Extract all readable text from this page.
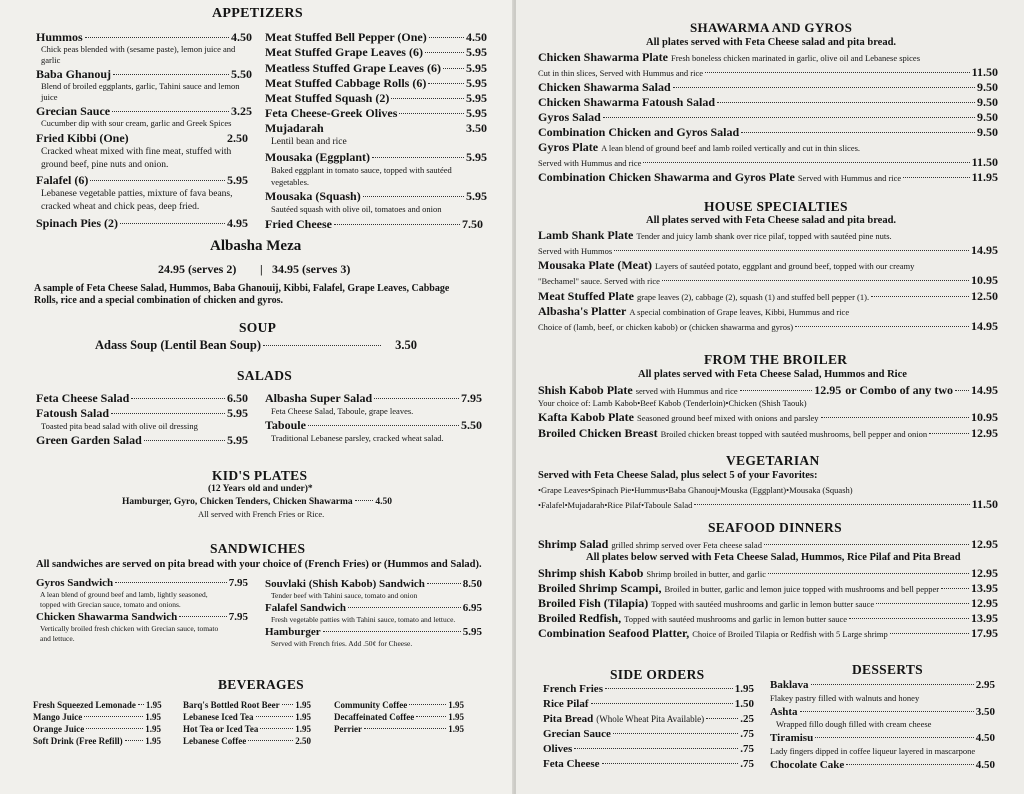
APPETIZERS
Hummos	4.50
Chick peas blended with (sesame paste), lemon juice and
garlic
Baba Ghanouj	5.50
Blend of broiled eggplants, garlic, Tahini sauce and lemon
juice
Grecian Sauce	3.25
Cucumber dip with sour cream, garlic and Greek Spices
Fried Kibbi (One)	2.50
Cracked wheat mixed with fine meat, stuffed with
ground beef, pine nuts and onion.
Falafel (6)	5.95
Lebanese vegetable patties, mixture of fava beans,
cracked wheat and chick peas, deep fried.
Spinach Pies (2)	4.95
Meat Stuffed Bell Pepper (One)	4.50
Meat Stuffed Grape Leaves (6)	5.95
Meatless Stuffed Grape Leaves (6) 5.95
Meat Stuffed Cabbage Rolls (6)	5.95
Meat Stuffed Squash (2)	5.95
Feta Cheese-Greek Olives	5.95
Mujadarah	3.50
Lentil bean and rice
Mousaka (Eggplant)	5.95
Baked eggplant in tomato sauce, topped with sautéed
vegetables.
Mousaka (Squash)	5.95
Sautéed squash with olive oil, tomatoes and onion
Fried Cheese	7.50
Albasha Meza
24.95 (serves 2) | 34.95 (serves 3)
A sample of Feta Cheese Salad, Hummos, Baba Ghanouij, Kibbi, Falafel, Grape Leaves, Cabbage
Rolls, rice and a special combination of chicken and gyros.
SOUP
Adass Soup (Lentil Bean Soup)	3.50
SALADS
Feta Cheese Salad	6.50
Fatoush Salad	5.95
Toasted pita bead salad with olive oil dressing
Green Garden Salad	5.95
Albasha Super Salad	7.95
Feta Cheese Salad, Taboule, grape leaves.
Taboule	5.50
Traditional Lebanese parsley, cracked wheat salad.
KID'S PLATES
(12 Years old and under)*
Hamburger, Gyro, Chicken Tenders, Chicken Shawarma 4.50
All served with French Fries or Rice.
SANDWICHES
All sandwiches are served on pita bread with your choice of (French Fries) or (Hummos and Salad).
Gyros Sandwich	7.95
A lean blend of ground beef and lamb, lightly seasoned,
topped with Grecian sauce, tomato and onions.
Chicken Shawarma Sandwich	7.95
Vertically broiled fresh chicken with Grecian sauce, tomato
and lettuce.
Souvlaki (Shish Kabob) Sandwich	8.50
Tender beef with Tahini sauce, tomato and onion
Falafel Sandwich	6.95
Fresh vegetable patties with Tahini sauce, tomato and lettuce.
Hamburger	5.95
Served with French fries. Add .50¢ for Cheese.
BEVERAGES
Fresh Squeezed Lemonade 1.95
Mango Juice	1.95
Orange Juice	1.95
Soft Drink (Free Refill)	1.95
Barq's Bottled Root Beer 1.95
Lebanese Iced Tea	1.95
Hot Tea or Iced Tea	1.95
Lebanese Coffee	2.50
Community Coffee	1.95
Decaffeinated Coffee	1.95
Perrier	1.95
SHAWARMA AND GYROS
All plates served with Feta Cheese salad and pita bread.
Chicken Shawarma Plate Fresh boneless chicken marinated in garlic, olive oil and Lebanese spices
Cut in thin slices, Served with Hummus and rice	11.50
Chicken Shawarma Salad	9.50
Chicken Shawarma Fatoush Salad	9.50
Gyros Salad	9.50
Combination Chicken and Gyros Salad	9.50
Gyros Plate A lean blend of ground beef and lamb roiled vertically and cut in thin slices.
Served with Hummus and rice	11.50
Combination Chicken Shawarma and Gyros Plate Served with Hummus and rice	11.95
HOUSE SPECIALTIES
All plates served with Feta Cheese salad and pita bread.
Lamb Shank Plate Tender and juicy lamb shank over rice pilaf, topped with sautéed pine nuts.
Served with Hummos	14.95
Mousaka Plate (Meat) Layers of sautéed potato, eggplant and ground beef, topped with our creamy
"Bechamel" sauce. Served with rice	10.95
Meat Stuffed Plate grape leaves (2), cabbage (2), squash (1) and stuffed bell pepper (1).	12.50
Albasha's Platter A special combination of Grape leaves, Kibbi, Hummus and rice
Choice of (lamb, beef, or chicken kabob) or (chicken shawarma and gyros)	14.95
FROM THE BROILER
All plates served with Feta Cheese Salad, Hummos and Rice
Shish Kabob Plate served with Hummus and rice	12.95 or Combo of any two 14.95
Your choice of: Lamb Kabob•Beef Kabob (Tenderloin)•Chicken (Shish Taouk)
Kafta Kabob Plate Seasoned ground beef mixed with onions and parsley	10.95
Broiled Chicken Breast Broiled chicken breast topped with sautéed mushrooms, bell pepper and onion	12.95
VEGETARIAN
Served with Feta Cheese Salad, plus select 5 of your Favorites:
•Grape Leaves•Spinach Pie•Hummus•Baba Ghanouj•Mouska (Eggplant)•Mousaka (Squash)
•Falafel•Mujadarah•Rice Pilaf•Taboule Salad	11.50
SEAFOOD DINNERS
Shrimp Salad grilled shrimp served over Feta cheese salad	12.95
All plates below served with Feta Cheese Salad, Hummos, Rice Pilaf and Pita Bread
Shrimp shish Kabob Shrimp broiled in butter, and garlic	12.95
Broiled Shrimp Scampi, Broiled in butter, garlic and lemon juice topped with mushrooms and bell pepper	13.95
Broiled Fish (Tilapia) Topped with sautéed mushrooms and garlic in lemon butter sauce	12.95
Broiled Redfish, Topped with sautéed mushrooms and garlic in lemon butter sauce	13.95
Combination Seafood Platter, Choice of Broiled Tilapia or Redfish with 5 Large shrimp	17.95
SIDE ORDERS
French Fries	1.95
Rice Pilaf	1.50
Pita Bread (Whole Wheat Pita Available)	.25
Grecian Sauce	.75
Olives	.75
Feta Cheese	.75
DESSERTS
Baklava	2.95
Flakey pastry filled with walnuts and honey
Ashta	3.50
Wrapped fillo dough filled with cream cheese
Tiramisu	4.50
Lady fingers dipped in coffee liqueur layered in mascarpone
Chocolate Cake	4.50
